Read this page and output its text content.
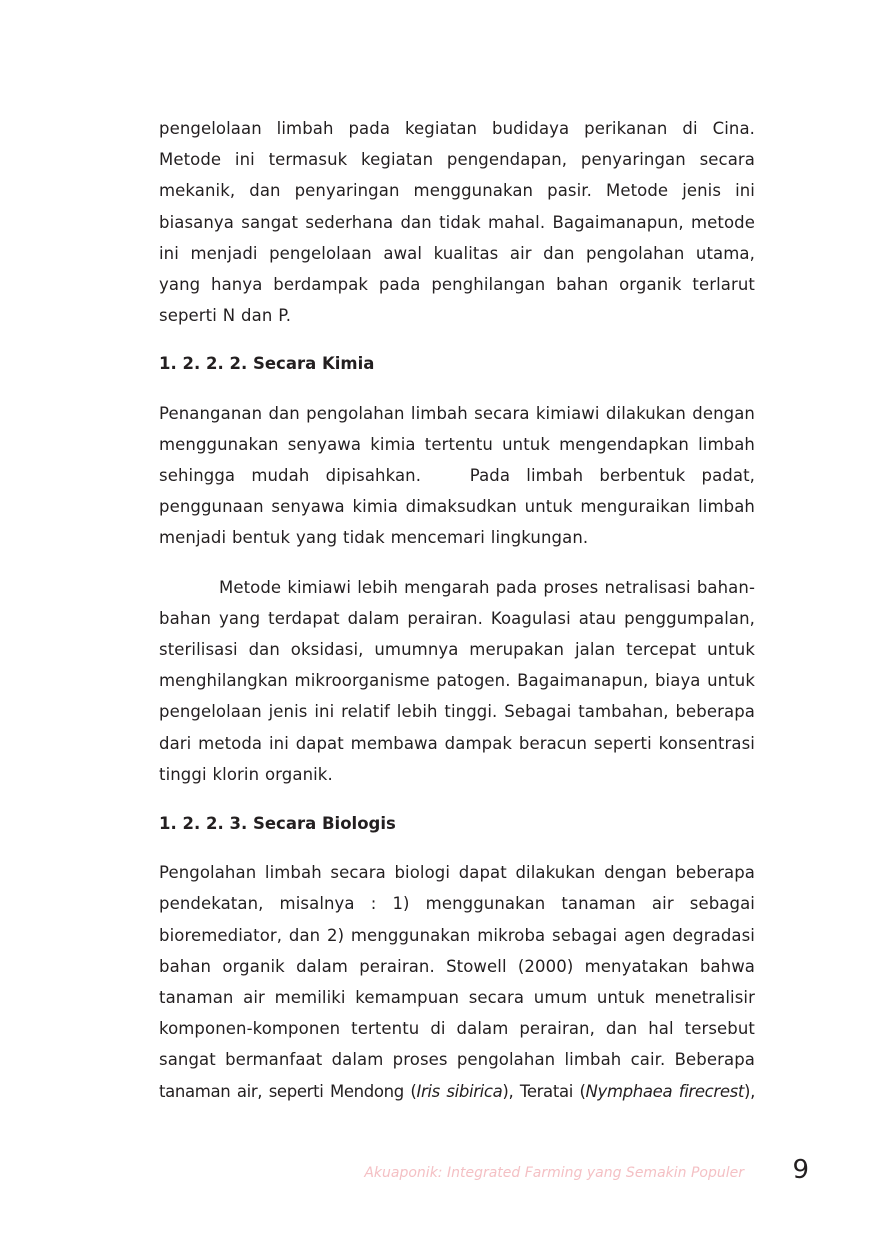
pengelolaan limbah pada kegiatan budidaya perikanan di Cina. Metode ini termasuk kegiatan pengendapan, penyaringan secara mekanik, dan penyaringan menggunakan pasir. Metode jenis ini biasanya sangat sederhana dan tidak mahal. Bagaimanapun, metode ini menjadi pengelolaan awal kualitas air dan pengolahan utama, yang hanya berdampak pada penghilangan bahan organik terlarut seperti N dan P.

1. 2. 2. 2. Secara Kimia

Penanganan dan pengolahan limbah secara kimiawi dilakukan dengan menggunakan senyawa kimia tertentu untuk mengendapkan limbah sehingga mudah dipisahkan.   Pada limbah berbentuk padat, penggunaan senyawa kimia dimaksudkan untuk menguraikan limbah menjadi bentuk yang tidak mencemari lingkungan.

Metode kimiawi lebih mengarah pada proses netralisasi bahan-bahan yang terdapat dalam perairan. Koagulasi atau penggumpalan, sterilisasi dan oksidasi, umumnya merupakan jalan tercepat untuk menghilangkan mikroorganisme patogen. Bagaimanapun, biaya untuk pengelolaan jenis ini relatif lebih tinggi. Sebagai tambahan, beberapa dari metoda ini dapat membawa dampak beracun seperti konsentrasi tinggi klorin organik.

1. 2. 2. 3. Secara Biologis

Pengolahan limbah secara biologi dapat dilakukan dengan beberapa pendekatan, misalnya : 1) menggunakan tanaman air sebagai bioremediator, dan 2) menggunakan mikroba sebagai agen degradasi bahan organik dalam perairan. Stowell (2000) menyatakan bahwa tanaman air memiliki kemampuan secara umum untuk menetralisir komponen-komponen tertentu di dalam perairan, dan hal tersebut sangat bermanfaat dalam proses pengolahan limbah cair. Beberapa

tanaman air, seperti Mendong (Iris sibirica), Teratai (Nymphaea firecrest),

Akuaponik: Integrated Farming yang Semakin Populer 9
